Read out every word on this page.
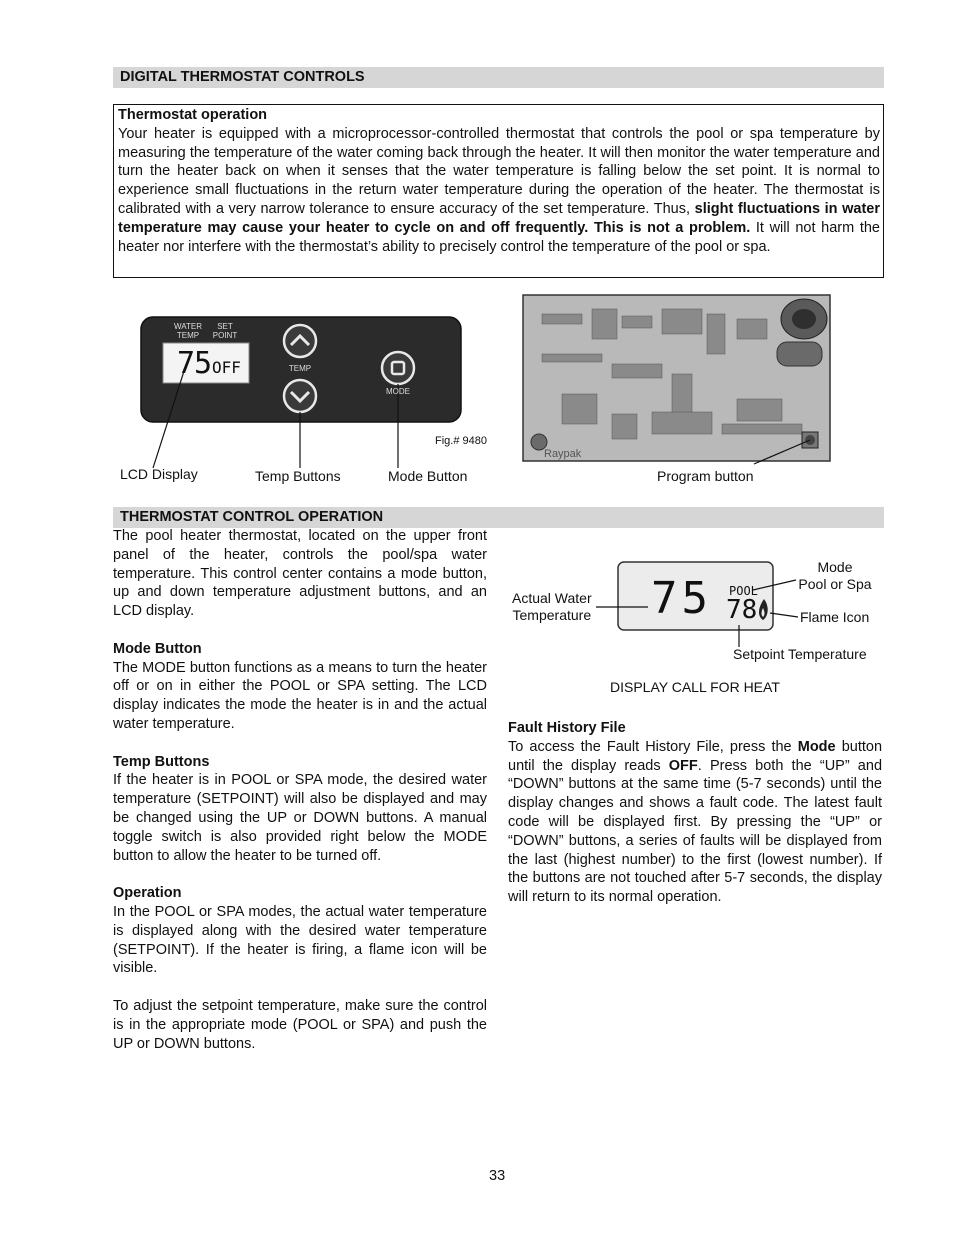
DIGITAL THERMOSTAT CONTROLS
Thermostat operation
Your heater is equipped with a microprocessor-controlled thermostat that controls the pool or spa temperature by measuring the temperature of the water coming back through the heater. It will then monitor the water temperature and turn the heater back on when it senses that the water temperature is falling below the set point. It is normal to experience small fluctuations in the return water temperature during the operation of the heater. The thermostat is calibrated with a very narrow tolerance to ensure accuracy of the set temperature. Thus, slight fluctuations in water temperature may cause your heater to cycle on and off frequently. This is not a problem. It will not harm the heater nor interfere with the thermostat’s ability to precisely control the temperature of the pool or spa.
WATER
TEMP
SET
POINT
75 OFF	TEMP
MODE
Fig.# 9480
LCD Display	Temp Buttons	Mode Button
Raypak
Program button
THERMOSTAT CONTROL OPERATION

The pool heater thermostat, located on the upper front panel of the heater, controls the pool/spa water temperature. This control center contains a mode button, up and down temperature adjustment buttons, and an LCD display.

Mode Button

The MODE button functions as a means to turn the heater off or on in either the POOL or SPA setting. The LCD display indicates the mode the heater is in and the actual water temperature.

Temp Buttons

If the heater is in POOL or SPA mode, the desired water temperature (SETPOINT) will also be displayed and may be changed using the UP or DOWN buttons. A manual toggle switch is also provided right below the MODE button to allow the heater to be turned off.

Operation

In the POOL or SPA modes, the actual water temperature is displayed along with the desired water temperature (SETPOINT). If the heater is firing, a flame icon will be visible.

To adjust the setpoint temperature, make sure the control is in the appropriate mode (POOL or SPA) and push the UP or DOWN buttons.

75 POOL
78
Actual Water
Temperature
Mode
Pool or Spa
Flame Icon
Setpoint Temperature
DISPLAY CALL FOR HEAT
Fault History File

To access the Fault History File, press the Mode button until the display reads OFF. Press both the “UP” and “DOWN” buttons at the same time (5-7 seconds) until the display changes and shows a fault code. The latest fault code will be displayed first. By pressing the “UP” or “DOWN” buttons, a series of faults will be displayed from the last (highest number) to the first (lowest number). If the buttons are not touched after 5-7 seconds, the display will return to its normal operation.

33
